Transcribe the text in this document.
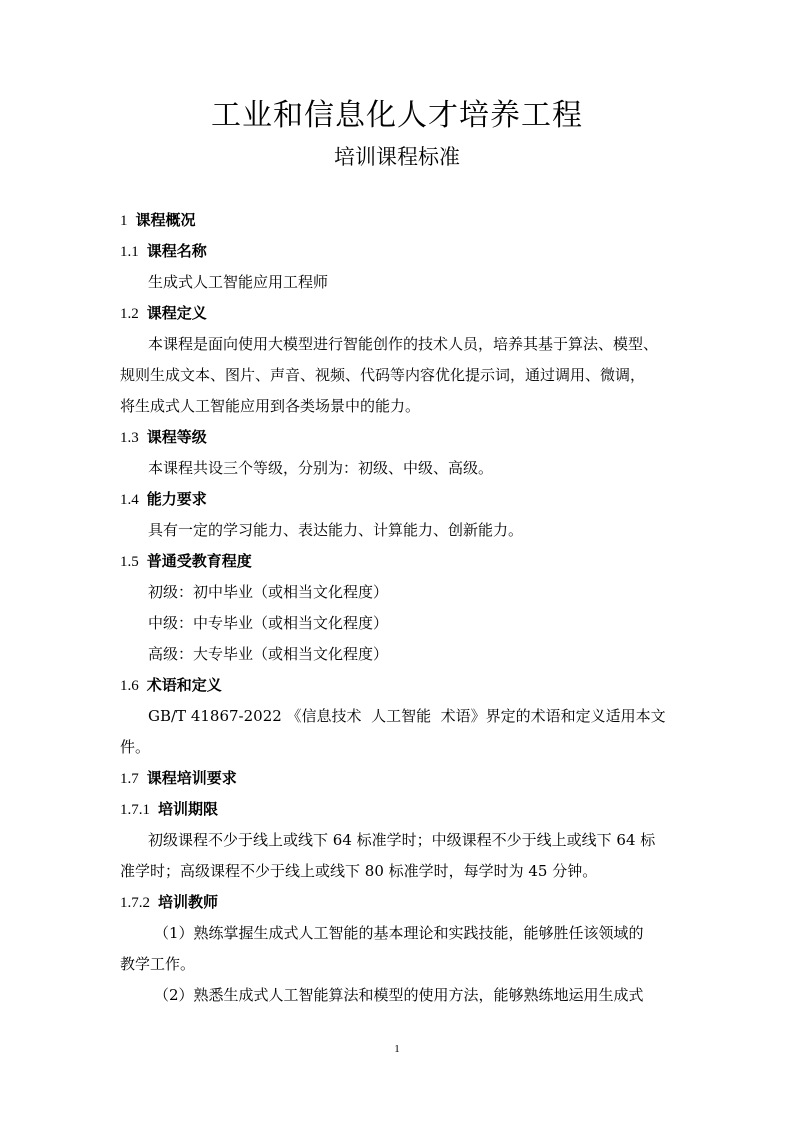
工业和信息化人才培养工程
培训课程标准
1 课程概况
1.1 课程名称
生成式人工智能应用工程师
1.2 课程定义
本课程是面向使用大模型进行智能创作的技术人员，培养其基于算法、模型、
规则生成文本、图片、声音、视频、代码等内容优化提示词，通过调用、微调，
将生成式人工智能应用到各类场景中的能力。
1.3 课程等级
本课程共设三个等级，分别为：初级、中级、高级。
1.4 能力要求
具有一定的学习能力、表达能力、计算能力、创新能力。
1.5 普通受教育程度
初级：初中毕业（或相当文化程度）
中级：中专毕业（或相当文化程度）
高级：大专毕业（或相当文化程度）
1.6 术语和定义
GB/T 41867-2022 《信息技术  人工智能  术语》界定的术语和定义适用本文
件。
1.7 课程培训要求
1.7.1 培训期限
初级课程不少于线上或线下 64 标准学时；中级课程不少于线上或线下 64 标
准学时；高级课程不少于线上或线下 80 标准学时，每学时为 45 分钟。
1.7.2 培训教师
（1）熟练掌握生成式人工智能的基本理论和实践技能，能够胜任该领域的
教学工作。
（2）熟悉生成式人工智能算法和模型的使用方法，能够熟练地运用生成式
1
